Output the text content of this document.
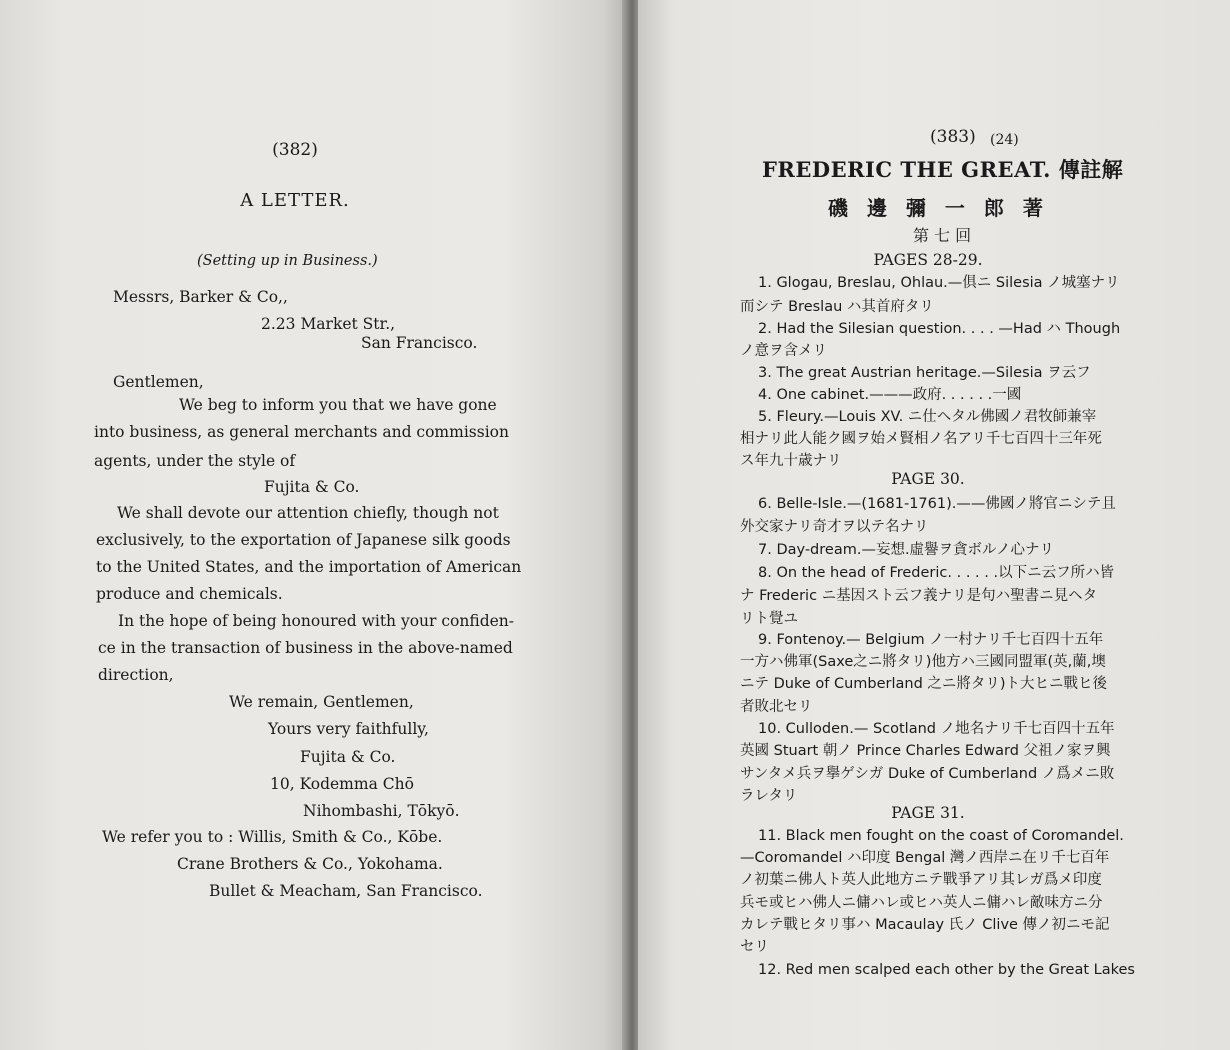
(382)
A LETTER.
(Setting up in Business.)
Messrs, Barker & Co,,
2.23 Market Str.,
San Francisco.
Gentlemen,
We beg to inform you that we have gone
into business, as general merchants and commission
agents, under the style of
Fujita & Co.
We shall devote our attention chiefly, though not
exclusively, to the exportation of Japanese silk goods
to the United States, and the importation of American
produce and chemicals.
In the hope of being honoured with your confiden-
ce in the transaction of business in the above-named
direction,
We remain, Gentlemen,
Yours very faithfully,
Fujita & Co.
10, Kodemma Chō
Nihombashi, Tōkyō.
We refer you to : Willis, Smith & Co., Kōbe.
Crane Brothers & Co., Yokohama.
Bullet & Meacham, San Francisco.
(383) (24)
FREDERIC THE GREAT. 傳註解
磯 邊 彌 一 郎 著
第 七 回
PAGES 28-29.
1. Glogau, Breslau, Ohlau.—俱ニ Silesia ノ城塞ナリ
而シテ Breslau ハ其首府タリ
2. Had the Silesian question. . . . —Had ハ Though
ノ意ヲ含メリ
3. The great Austrian heritage.—Silesia ヲ云フ
4. One cabinet.———政府. . . . . .一國
5. Fleury.—Louis XV. ニ仕ヘタル佛國ノ君牧師兼宰
相ナリ此人能ク國ヲ始メ賢相ノ名アリ千七百四十三年死
ス年九十歳ナリ
PAGE 30.
6. Belle-Isle.—(1681-1761).——佛國ノ將官ニシテ且
外交家ナリ奇才ヲ以テ名ナリ
7. Day-dream.—妄想.虛譽ヲ貪ボルノ心ナリ
8. On the head of Frederic. . . . . .以下ニ云フ所ハ皆
ナ Frederic ニ基因スト云フ義ナリ是句ハ聖書ニ見ヘタ
リト覺ユ
9. Fontenoy.— Belgium ノ一村ナリ千七百四十五年
一方ハ佛軍(Saxe之ニ將タリ)他方ハ三國同盟軍(英,蘭,墺
ニテ Duke of Cumberland 之ニ將タリ)ト大ヒニ戰ヒ後
者敗北セリ
10. Culloden.— Scotland ノ地名ナリ千七百四十五年
英國 Stuart 朝ノ Prince Charles Edward 父祖ノ家ヲ興
サンタメ兵ヲ擧ゲシガ Duke of Cumberland ノ爲メニ敗
ラレタリ
PAGE 31.
11. Black men fought on the coast of Coromandel.
—Coromandel ハ印度 Bengal 灣ノ西岸ニ在リ千七百年
ノ初葉ニ佛人ト英人此地方ニテ戰爭アリ其レガ爲メ印度
兵モ或ヒハ佛人ニ傭ハレ或ヒハ英人ニ傭ハレ敵味方ニ分
カレテ戰ヒタリ事ハ Macaulay 氏ノ Clive 傳ノ初ニモ記
セリ
12. Red men scalped each other by the Great Lakes
